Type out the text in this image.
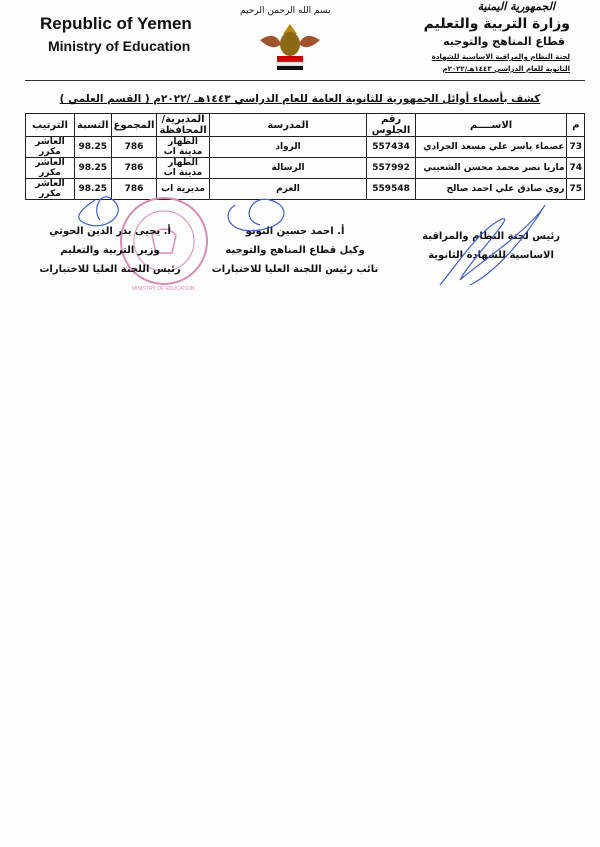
Republic of Yemen
Ministry of Education
بسم الله الرحمن الرحيم	الجمهورية اليمنية
وزارة التربية والتعليم
قطاع المناهج والتوجيه
لجنة النظام والمراقبة الاساسية للشهادة
الثانوية للعام الدراسي ١٤٤٣هـ/٢٠٢٢م
كشف بأسماء أوائل الجمهورية للثانوية العامة للعام الدراسي ١٤٤٣هـ /٢٠٢٢م ( القسم العلمي )
م	الاســــم	رقم الجلوس	المدرسة	المديرية/ المحافظة	المجموع	النسبة	الترتيب
73	عصماء ياسر علي مسعد الجرادي	557434	الرواد	الظهار مدينة اب	786	98.25	العاشر مكرر
74	ماريا نصر محمد محسن الشعيبي	557992	الرسالة	الظهار مدينة اب	786	98.25	العاشر مكرر
75	روى صادق علي احمد صالح	559548	العزم	مديرية اب	786	98.25	العاشر مكرر
MINISTRY OF EDUCATION
رئيس لجنة النظام والمراقبة
الاساسية للشهادة الثانوية
أ. احمد حسين النونو
وكيل قطاع المناهج والتوجيه
نائب رئيس اللجنة العليا للاختبارات
أ. يحيى بدر الدين الحوثي
وزير التربية والتعليم
رئيس اللجنة العليا للاختبارات
